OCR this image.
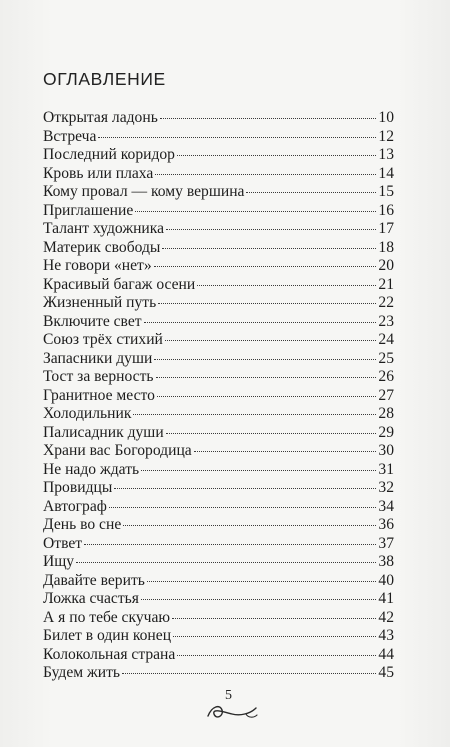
ОГЛАВЛЕНИЕ
Открытая ладонь	10
Встреча	12
Последний коридор	13
Кровь или плаха	14
Кому провал — кому вершина	15
Приглашение	16
Талант художника	17
Материк свободы	18
Не говори «нет»	20
Красивый багаж осени	21
Жизненный путь	22
Включите свет	23
Союз трёх стихий	24
Запасники души	25
Тост за верность	26
Гранитное место	27
Холодильник	28
Палисадник души	29
Храни вас Богородица	30
Не надо ждать	31
Провидцы	32
Автограф	34
День во сне	36
Ответ	37
Ищу	38
Давайте верить	40
Ложка счастья	41
А я по тебе скучаю	42
Билет в один конец	43
Колокольная страна	44
Будем жить	45
5
